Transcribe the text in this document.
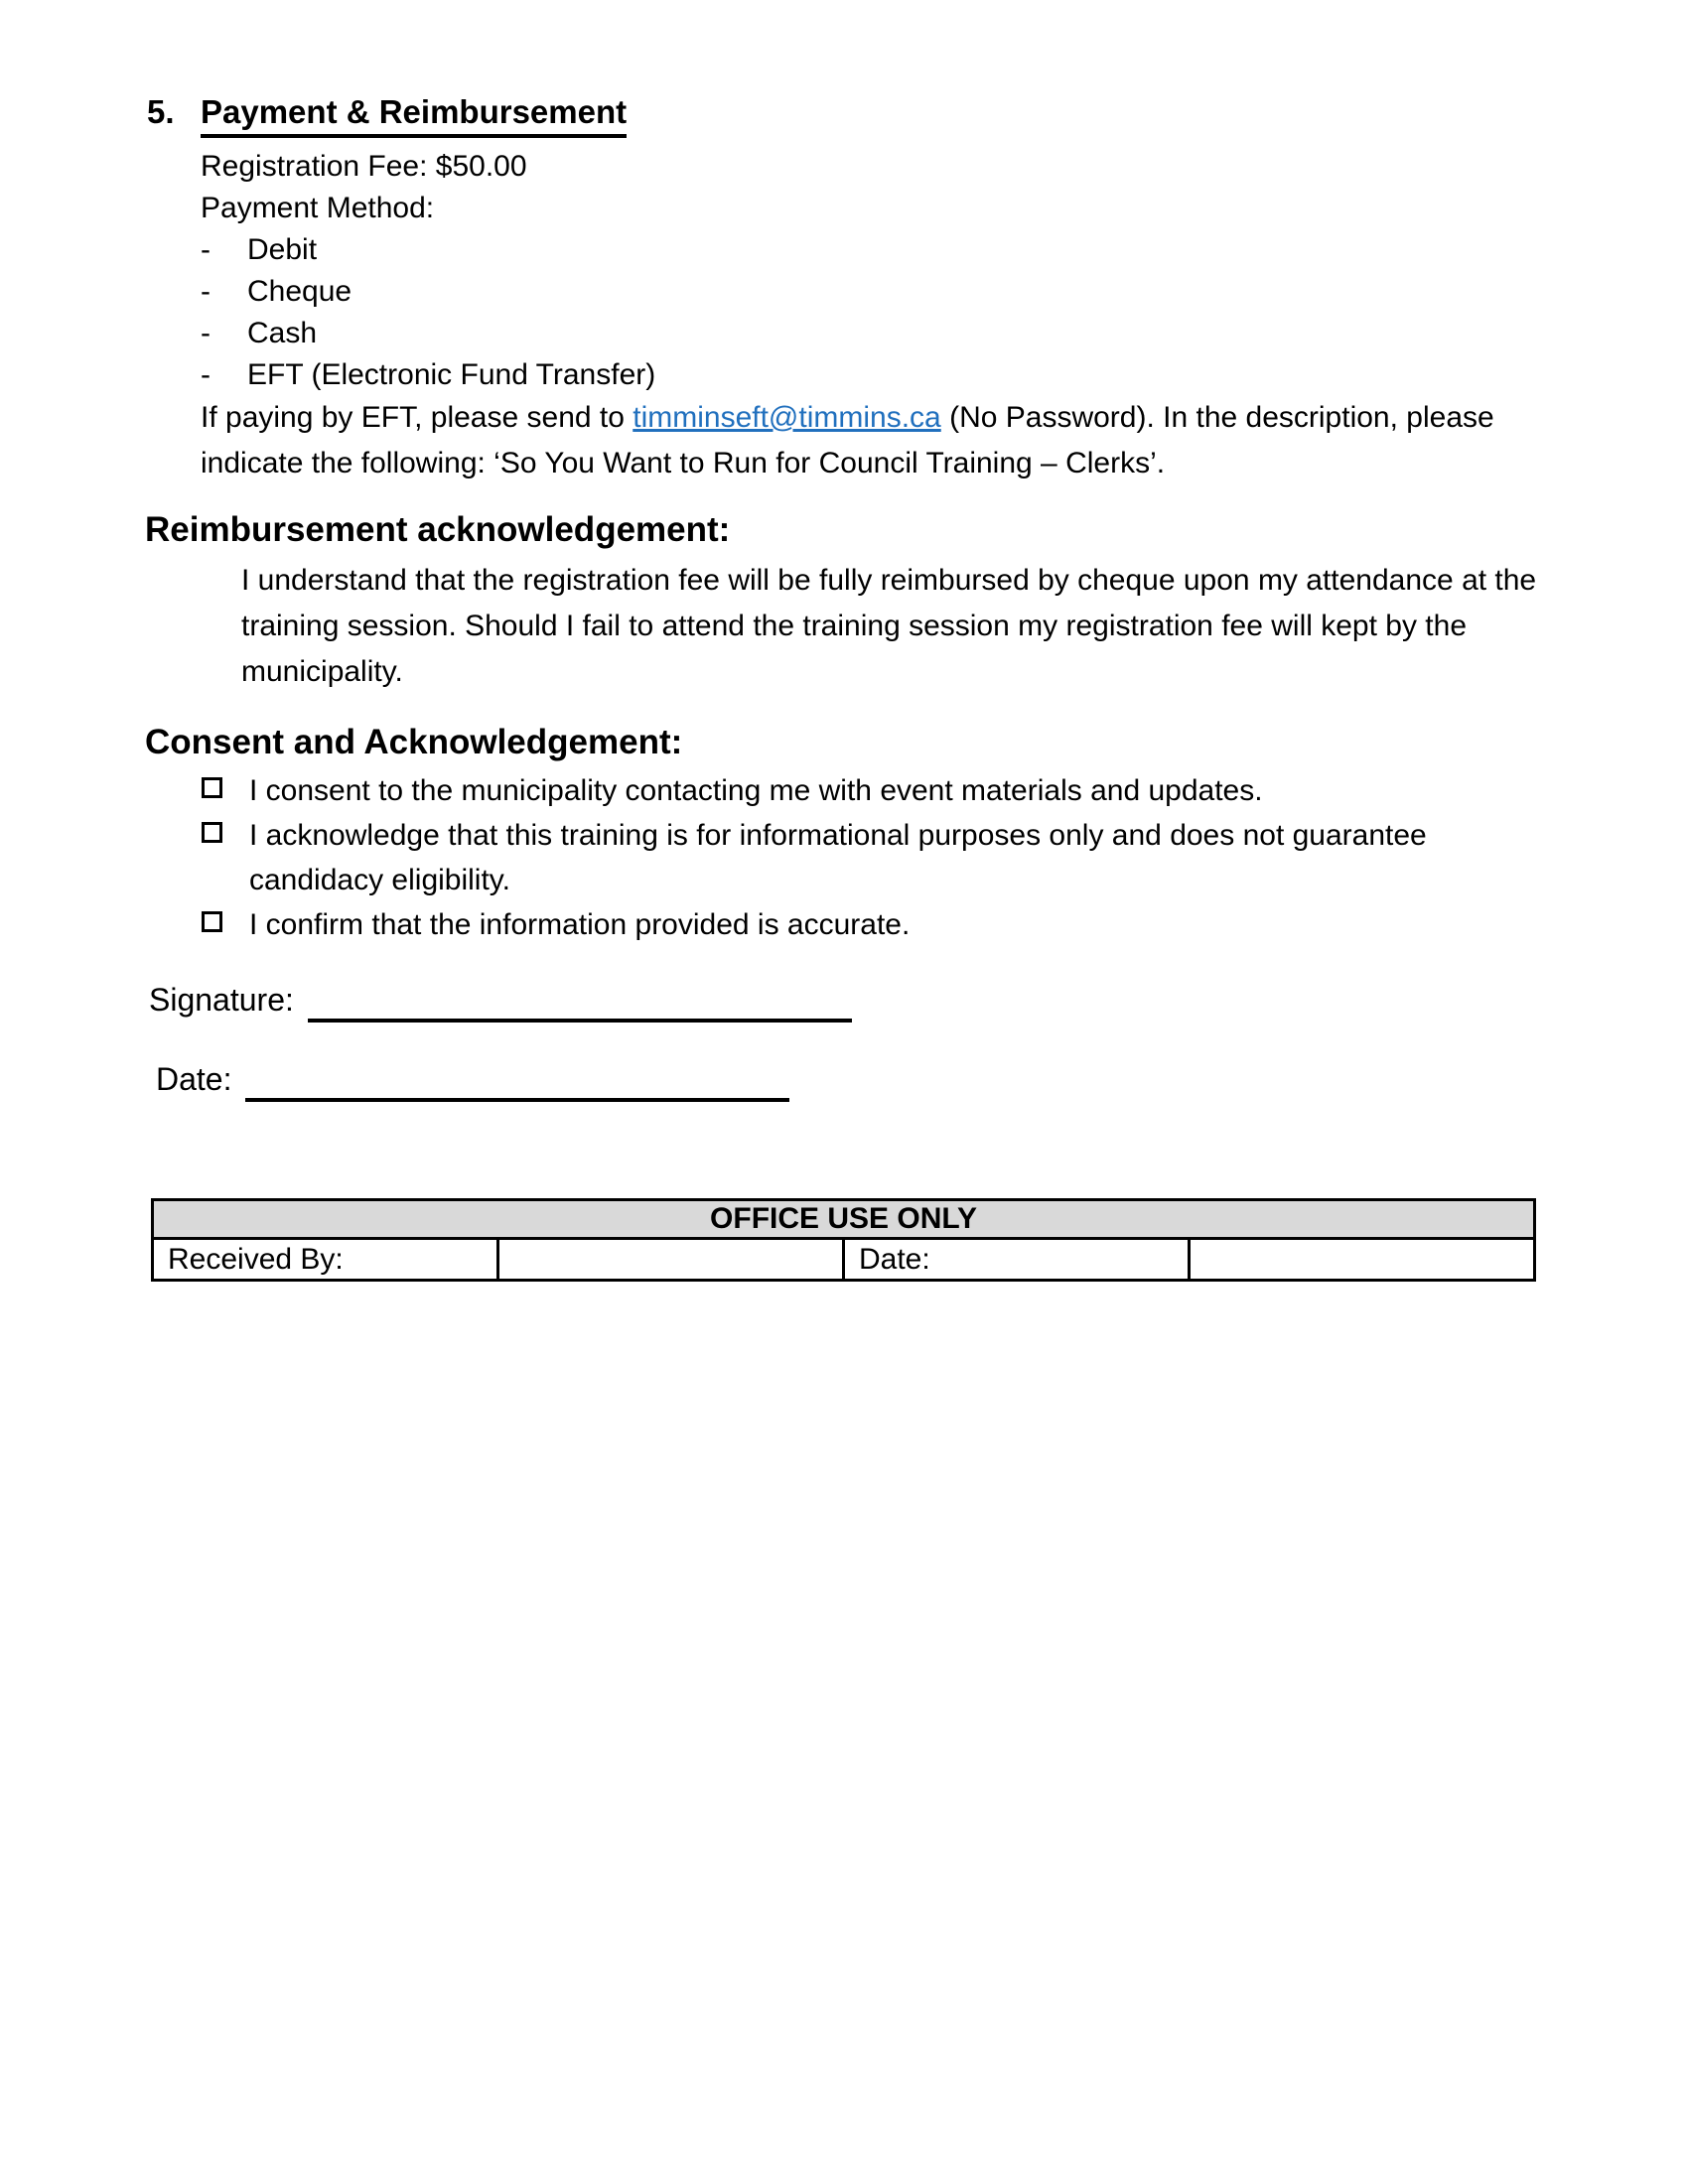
5. Payment & Reimbursement
Registration Fee: $50.00
Payment Method:
-	Debit
-	Cheque
-	Cash
-	EFT (Electronic Fund Transfer)
If paying by EFT, please send to timminseft@timmins.ca (No Password). In the description, please indicate the following: ‘So You Want to Run for Council Training – Clerks’.
Reimbursement acknowledgement:
I understand that the registration fee will be fully reimbursed by cheque upon my attendance at the training session. Should I fail to attend the training session my registration fee will kept by the municipality.
Consent and Acknowledgement:
I consent to the municipality contacting me with event materials and updates.
I acknowledge that this training is for informational purposes only and does not guarantee candidacy eligibility.
I confirm that the information provided is accurate.
Signature:
Date:
OFFICE USE ONLY
Received By:		Date:	
